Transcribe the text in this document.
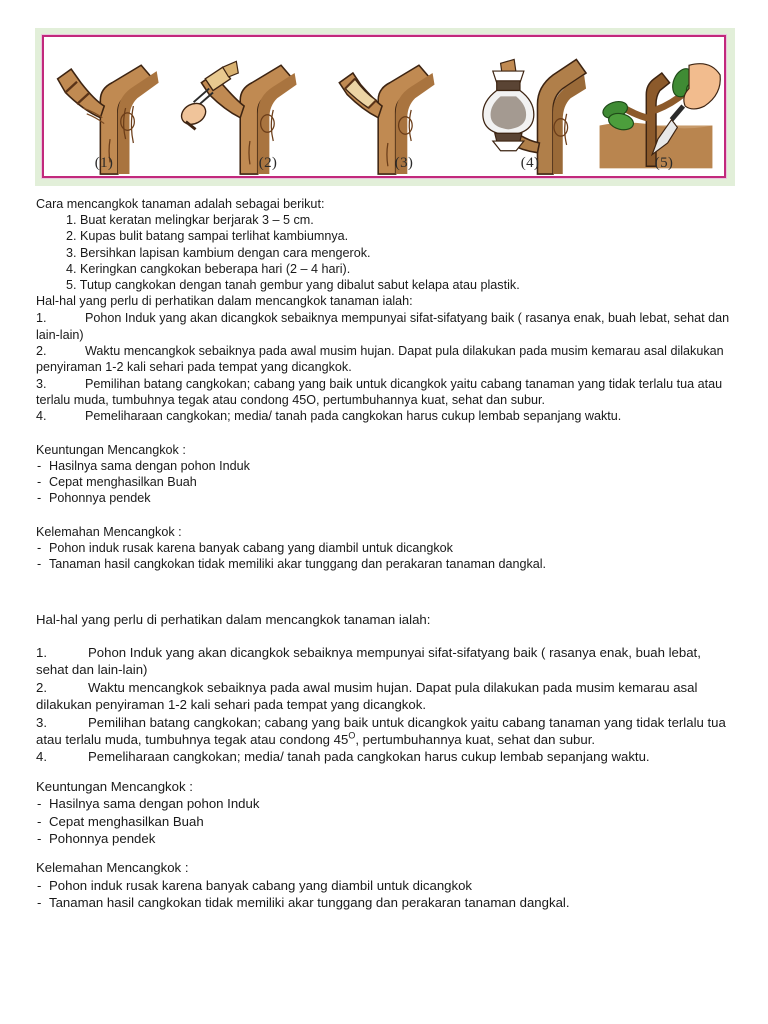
(1)	(2)	(3)	(4)	(5)

Cara mencangkok tanaman adalah sebagai berikut:

1. Buat keratan melingkar berjarak 3 – 5 cm.
2. Kupas bulit batang sampai terlihat kambiumnya.
3. Bersihkan lapisan kambium dengan cara mengerok.
4. Keringkan cangkokan beberapa hari (2 – 4 hari).
5. Tutup cangkokan dengan tanah gembur yang dibalut sabut kelapa atau plastik.

Hal-hal yang perlu di perhatikan dalam mencangkok tanaman ialah:

1.	Pohon Induk yang akan dicangkok sebaiknya mempunyai sifat-sifatyang baik ( rasanya enak, buah lebat, sehat dan lain-lain)

2.	Waktu mencangkok sebaiknya pada awal musim hujan. Dapat pula dilakukan pada musim kemarau asal dilakukan penyiraman 1-2 kali sehari pada tempat yang dicangkok.

3.	Pemilihan batang cangkokan; cabang yang baik untuk dicangkok yaitu cabang tanaman yang tidak terlalu tua atau terlalu muda, tumbuhnya tegak atau condong 45O, pertumbuhannya kuat, sehat dan subur.

4.	Pemeliharaan cangkokan; media/ tanah pada cangkokan harus cukup lembab sepanjang waktu.

Keuntungan Mencangkok :

- Hasilnya sama dengan pohon Induk

- Cepat menghasilkan Buah

- Pohonnya pendek

Kelemahan Mencangkok :

- Pohon induk rusak karena banyak cabang yang diambil untuk dicangkok

- Tanaman hasil cangkokan tidak memiliki akar tunggang dan perakaran tanaman dangkal.

Hal-hal yang perlu di perhatikan dalam mencangkok tanaman ialah:

1.	Pohon Induk yang akan dicangkok sebaiknya mempunyai sifat-sifatyang baik ( rasanya enak, buah lebat, sehat dan lain-lain)

2.	Waktu mencangkok sebaiknya pada awal musim hujan. Dapat pula dilakukan pada musim kemarau asal dilakukan penyiraman 1-2 kali sehari pada tempat yang dicangkok.

3.	Pemilihan batang cangkokan; cabang yang baik untuk dicangkok yaitu cabang tanaman yang tidak terlalu tua atau terlalu muda, tumbuhnya tegak atau condong $45^O$, pertumbuhannya kuat, sehat dan subur.

4.	Pemeliharaan cangkokan; media/ tanah pada cangkokan harus cukup lembab sepanjang waktu.

Keuntungan Mencangkok :

- Hasilnya sama dengan pohon Induk

- Cepat menghasilkan Buah

- Pohonnya pendek

Kelemahan Mencangkok :

- Pohon induk rusak karena banyak cabang yang diambil untuk dicangkok

- Tanaman hasil cangkokan tidak memiliki akar tunggang dan perakaran tanaman dangkal.
